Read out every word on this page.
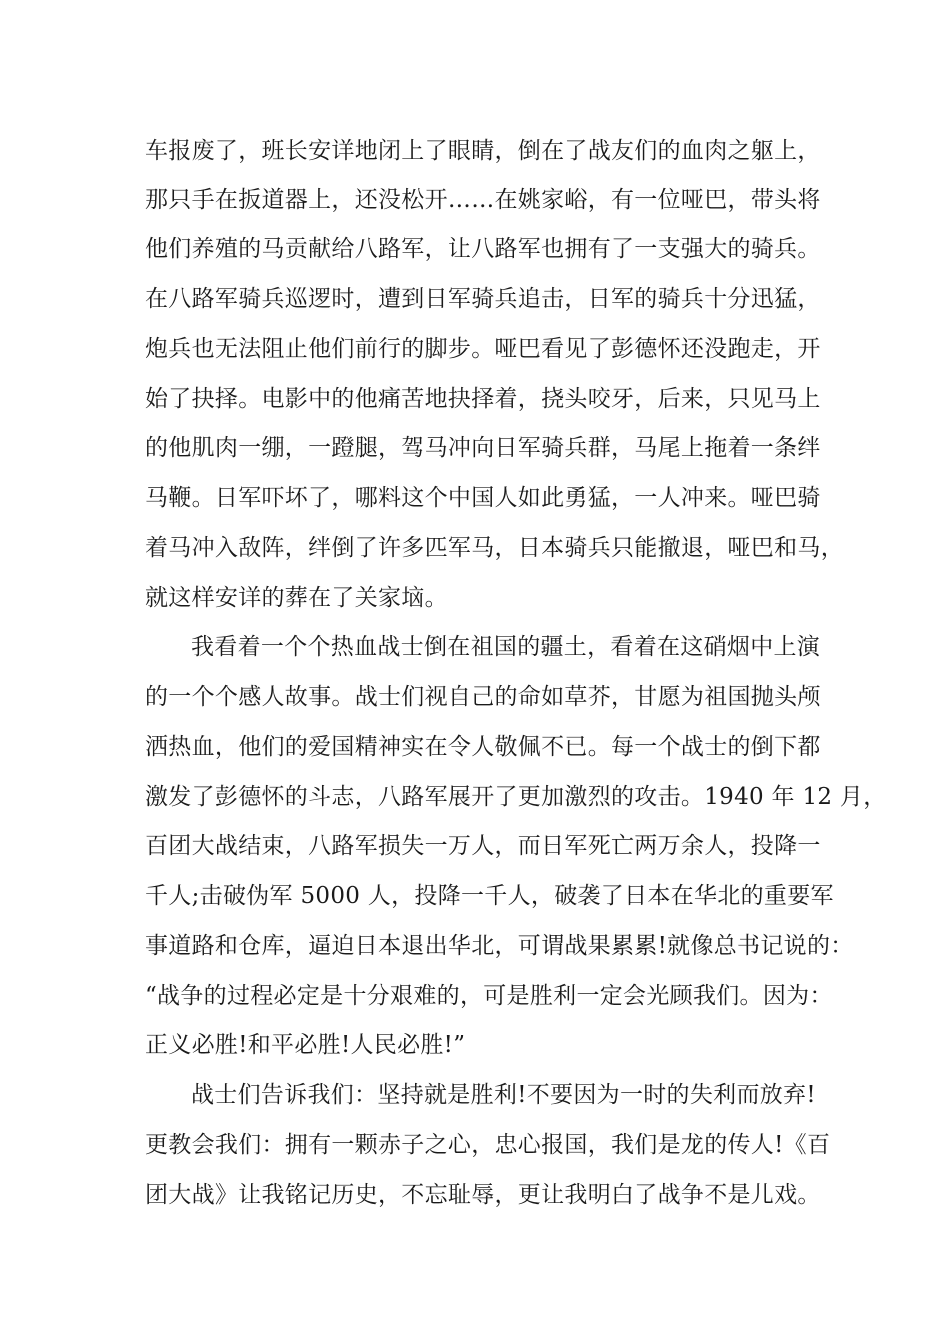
车报废了，班长安详地闭上了眼睛，倒在了战友们的血肉之躯上，
那只手在扳道器上，还没松开……在姚家峪，有一位哑巴，带头将
他们养殖的马贡献给八路军，让八路军也拥有了一支强大的骑兵。
在八路军骑兵巡逻时，遭到日军骑兵追击，日军的骑兵十分迅猛，
炮兵也无法阻止他们前行的脚步。哑巴看见了彭德怀还没跑走，开
始了抉择。电影中的他痛苦地抉择着，挠头咬牙，后来，只见马上
的他肌肉一绷，一蹬腿，驾马冲向日军骑兵群，马尾上拖着一条绊
马鞭。日军吓坏了，哪料这个中国人如此勇猛，一人冲来。哑巴骑
着马冲入敌阵，绊倒了许多匹军马，日本骑兵只能撤退，哑巴和马，
就这样安详的葬在了关家垴。
我看着一个个热血战士倒在祖国的疆土，看着在这硝烟中上演
的一个个感人故事。战士们视自己的命如草芥，甘愿为祖国抛头颅
洒热血，他们的爱国精神实在令人敬佩不已。每一个战士的倒下都
激发了彭德怀的斗志，八路军展开了更加激烈的攻击。1940 年 12 月，
百团大战结束，八路军损失一万人，而日军死亡两万余人，投降一
千人;击破伪军 5000 人，投降一千人，破袭了日本在华北的重要军
事道路和仓库，逼迫日本退出华北，可谓战果累累!就像总书记说的：
“战争的过程必定是十分艰难的，可是胜利一定会光顾我们。因为：
正义必胜!和平必胜!人民必胜!”
战士们告诉我们：坚持就是胜利!不要因为一时的失利而放弃!
更教会我们：拥有一颗赤子之心，忠心报国，我们是龙的传人!《百
团大战》让我铭记历史，不忘耻辱，更让我明白了战争不是儿戏。
